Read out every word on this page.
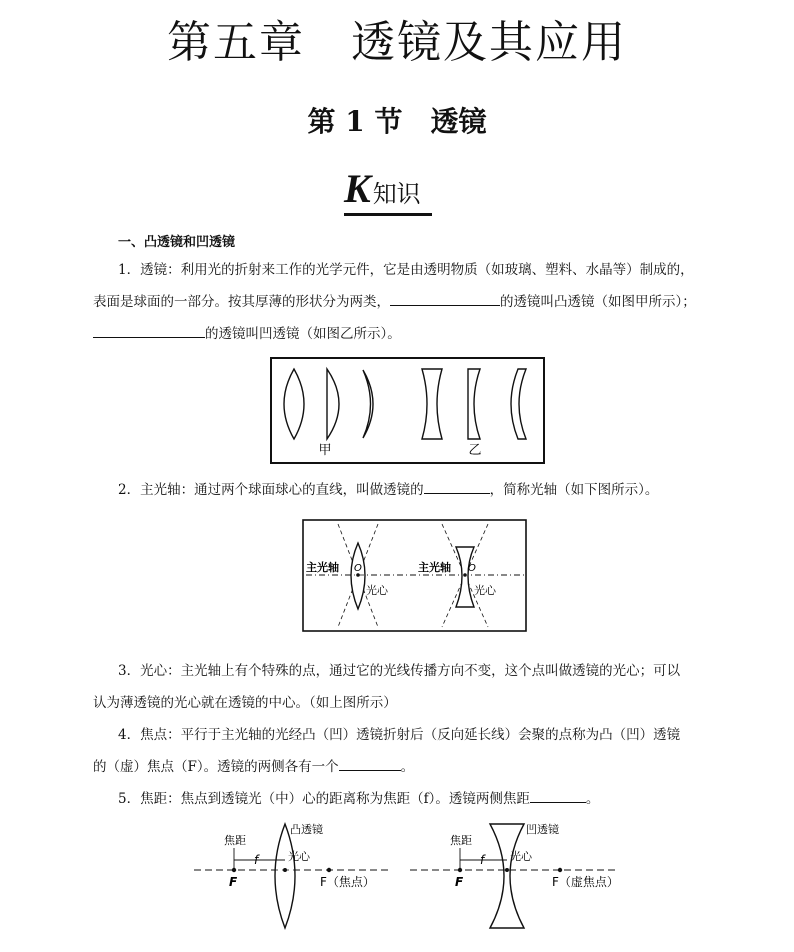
第五章　透镜及其应用
第 1 节　透镜
K知识
一、凸透镜和凹透镜
1．透镜：利用光的折射来工作的光学元件，它是由透明物质（如玻璃、塑料、水晶等）制成的，
表面是球面的一部分。按其厚薄的形状分为两类，	的透镜叫凸透镜（如图甲所示）；
的透镜叫凹透镜（如图乙所示）。
甲	乙
2．主光轴：通过两个球面球心的直线，叫做透镜的	，简称光轴（如下图所示）。
主光轴	主光轴
O	O
光心	光心
3．光心：主光轴上有个特殊的点，通过它的光线传播方向不变，这个点叫做透镜的光心；可以
认为薄透镜的光心就在透镜的中心。（如上图所示）
4．焦点：平行于主光轴的光经凸（凹）透镜折射后（反向延长线）会聚的点称为凸（凹）透镜
的（虚）焦点（F）。透镜的两侧各有一个	。
5．焦距：焦点到透镜光（中）心的距离称为焦距（f）。透镜两侧焦距	。
焦距
f
凸透镜
光心
F	F（焦点）
焦距
f
凹透镜
光心
F	F（虚焦点）
